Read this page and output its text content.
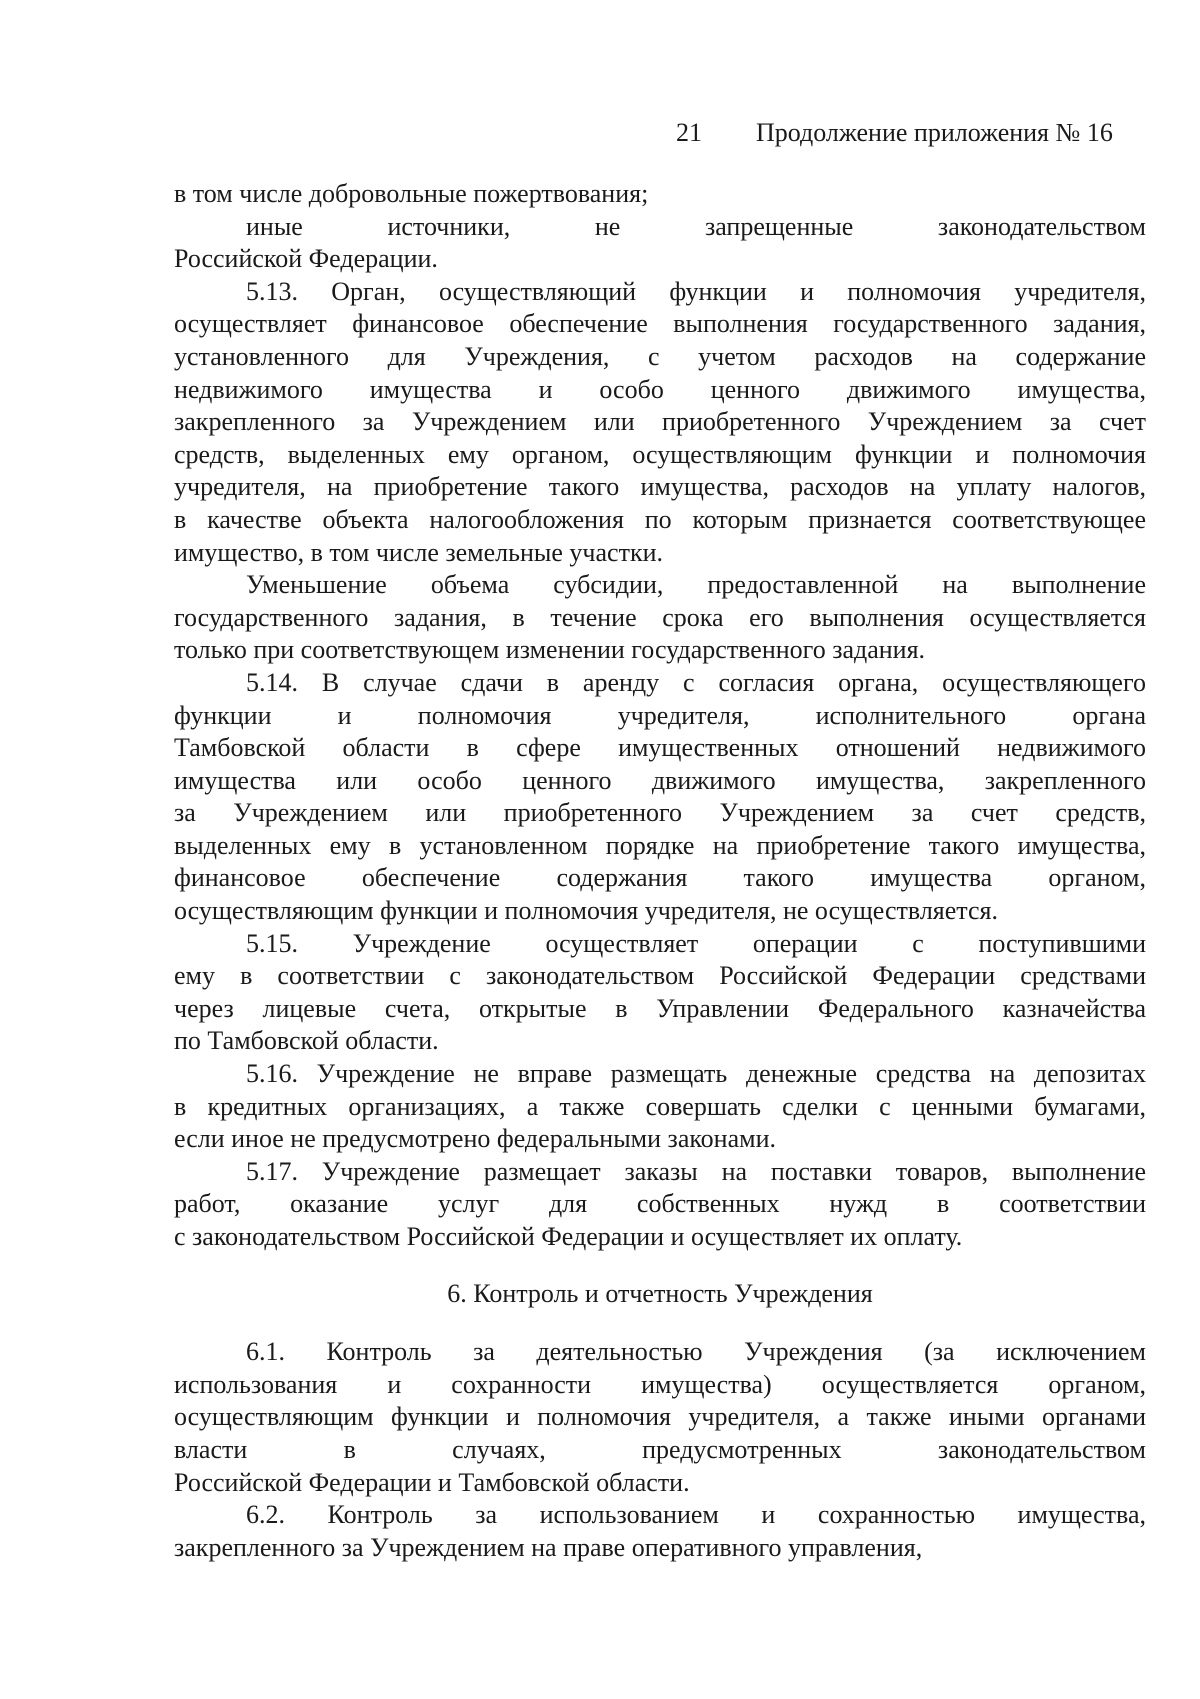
21	Продолжение приложения № 16

в том числе добровольные пожертвования;

иные источники, не запрещенные законодательством
Российской Федерации.

5.13. Орган, осуществляющий функции и полномочия учредителя,
осуществляет финансовое обеспечение выполнения государственного задания,
установленного для Учреждения, с учетом расходов на содержание
недвижимого имущества и особо ценного движимого имущества,
закрепленного за Учреждением или приобретенного Учреждением за счет
средств, выделенных ему органом, осуществляющим функции и полномочия
учредителя, на приобретение такого имущества, расходов на уплату налогов,
в качестве объекта налогообложения по которым признается соответствующее
имущество, в том числе земельные участки.

Уменьшение объема субсидии, предоставленной на выполнение
государственного задания, в течение срока его выполнения осуществляется
только при соответствующем изменении государственного задания.

5.14. В случае сдачи в аренду с согласия органа, осуществляющего
функции и полномочия учредителя, исполнительного органа
Тамбовской области в сфере имущественных отношений недвижимого
имущества или особо ценного движимого имущества, закрепленного
за Учреждением или приобретенного Учреждением за счет средств,
выделенных ему в установленном порядке на приобретение такого имущества,
финансовое обеспечение содержания такого имущества органом,
осуществляющим функции и полномочия учредителя, не осуществляется.

5.15. Учреждение осуществляет операции с поступившими
ему в соответствии с законодательством Российской Федерации средствами
через лицевые счета, открытые в Управлении Федерального казначейства
по Тамбовской области.

5.16. Учреждение не вправе размещать денежные средства на депозитах
в кредитных организациях, а также совершать сделки с ценными бумагами,
если иное не предусмотрено федеральными законами.

5.17. Учреждение размещает заказы на поставки товаров, выполнение
работ, оказание услуг для собственных нужд в соответствии
с законодательством Российской Федерации и осуществляет их оплату.

6. Контроль и отчетность Учреждения

6.1. Контроль за деятельностью Учреждения (за исключением
использования и сохранности имущества) осуществляется органом,
осуществляющим функции и полномочия учредителя, а также иными органами
власти в случаях, предусмотренных законодательством
Российской Федерации и Тамбовской области.

6.2. Контроль за использованием и сохранностью имущества,
закрепленного за Учреждением на праве оперативного управления,
